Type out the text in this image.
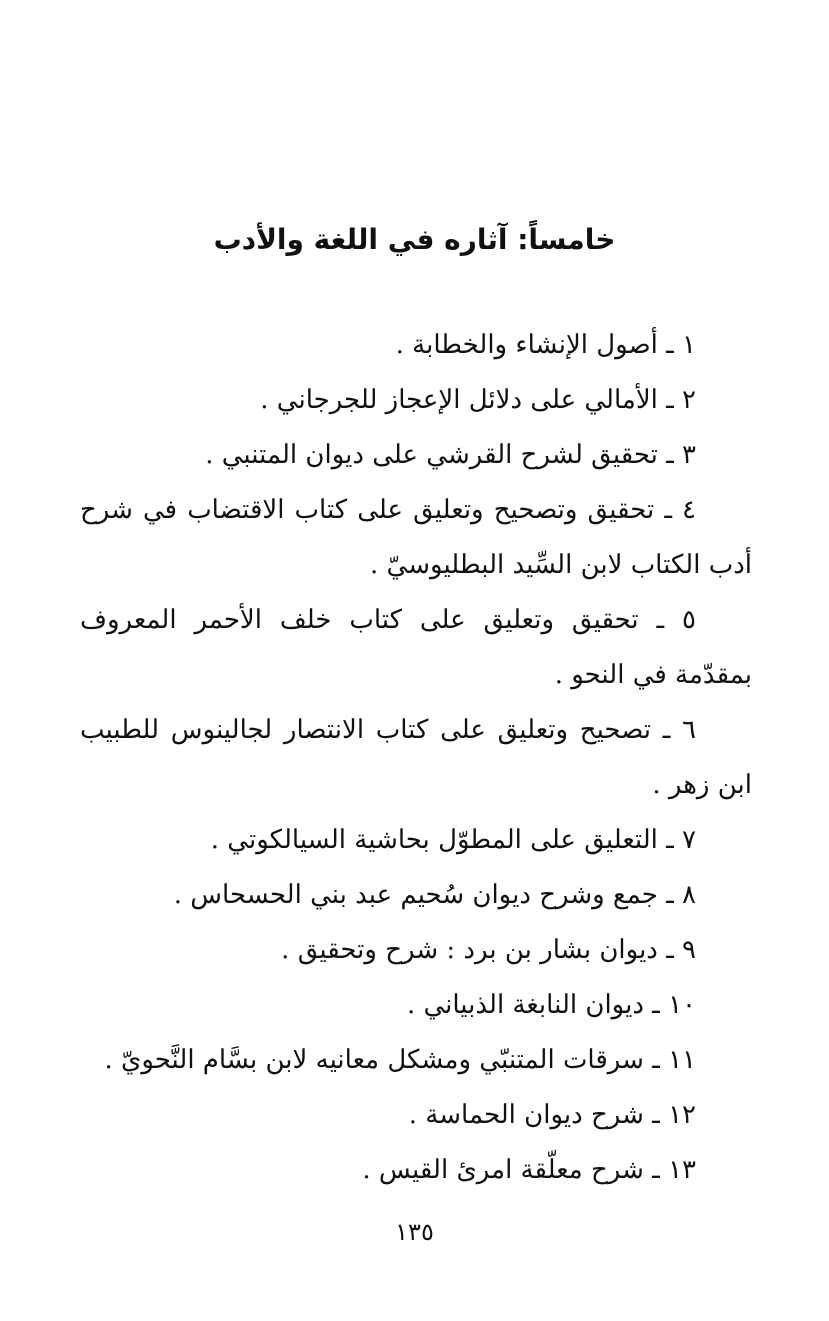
خامساً: آثاره في اللغة والأدب

١ ـ أصول الإنشاء والخطابة .

٢ ـ الأمالي على دلائل الإعجاز للجرجاني .

٣ ـ تحقيق لشرح القرشي على ديوان المتنبي .

٤ ـ تحقيق وتصحيح وتعليق على كتاب الاقتضاب في شرح أدب الكتاب لابن السِّيد البطليوسيّ .

٥ ـ تحقيق وتعليق على كتاب خلف الأحمر المعروف بمقدّمة في النحو .

٦ ـ تصحيح وتعليق على كتاب الانتصار لجالينوس للطبيب ابن زهر .

٧ ـ التعليق على المطوّل بحاشية السيالكوتي .

٨ ـ جمع وشرح ديوان سُحيم عبد بني الحسحاس .

٩ ـ ديوان بشار بن برد : شرح وتحقيق .

١٠ ـ ديوان النابغة الذبياني .

١١ ـ سرقات المتنبّي ومشكل معانيه لابن بسَّام النَّحويّ .

١٢ ـ شرح ديوان الحماسة .

١٣ ـ شرح معلّقة امرئ القيس .

١٣٥
